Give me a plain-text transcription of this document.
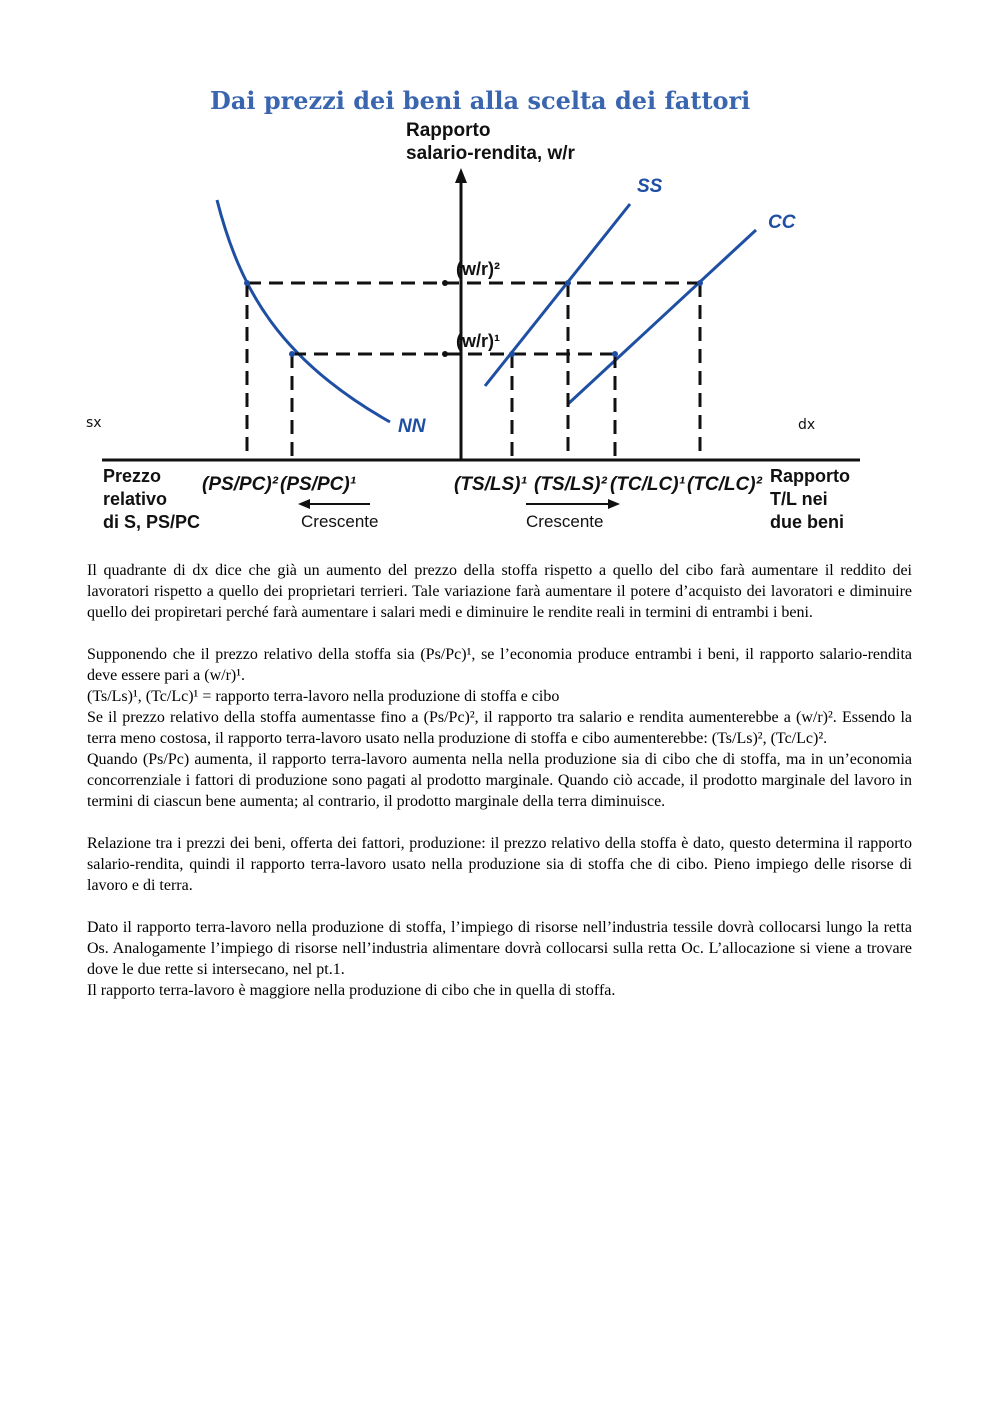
Dai prezzi dei beni alla scelta dei fattori
Rapporto
salario-rendita, w/r
SS
CC
NN
(w/r)²
(w/r)¹
sx	dx
Prezzo
relativo
di S, PS/PC
(PS/PC)² (PS/PC)¹
Crescente
(TS/LS)¹ (TS/LS)² (TC/LC)¹ (TC/LC)²
Crescente
Rapporto
T/L nei
due beni

Il quadrante di dx dice che già un aumento del prezzo della stoffa rispetto a quello del cibo farà aumentare il reddito dei lavoratori rispetto a quello dei proprietari terrieri. Tale variazione farà aumentare il potere d’acquisto dei lavoratori e diminuire quello dei propiretari perché farà aumentare i salari medi e diminuire le rendite reali in termini di entrambi i beni.

Supponendo che il prezzo relativo della stoffa sia (Ps/Pc)¹, se l’economia produce entrambi i beni, il rapporto salario-rendita deve essere pari a (w/r)¹.

(Ts/Ls)¹, (Tc/Lc)¹ = rapporto terra-lavoro nella produzione di stoffa e cibo

Se il prezzo relativo della stoffa aumentasse fino a (Ps/Pc)², il rapporto tra salario e rendita aumenterebbe a (w/r)². Essendo la terra meno costosa, il rapporto terra-lavoro usato nella produzione di stoffa e cibo aumenterebbe: (Ts/Ls)², (Tc/Lc)².

Quando (Ps/Pc) aumenta, il rapporto terra-lavoro aumenta nella nella produzione sia di cibo che di stoffa, ma in un’economia concorrenziale i fattori di produzione sono pagati al prodotto marginale. Quando ciò accade, il prodotto marginale del lavoro in termini di ciascun bene aumenta; al contrario, il prodotto marginale della terra diminuisce.

Relazione tra i prezzi dei beni, offerta dei fattori, produzione: il prezzo relativo della stoffa è dato, questo determina il rapporto salario-rendita, quindi il rapporto terra-lavoro usato nella produzione sia di stoffa che di cibo. Pieno impiego delle risorse di lavoro e di terra.

Dato il rapporto terra-lavoro nella produzione di stoffa, l’impiego di risorse nell’industria tessile dovrà collocarsi lungo la retta Os. Analogamente l’impiego di risorse nell’industria alimentare dovrà collocarsi sulla retta Oc. L’allocazione si viene a trovare dove le due rette si intersecano, nel pt.1.

Il rapporto terra-lavoro è maggiore nella produzione di cibo che in quella di stoffa.
